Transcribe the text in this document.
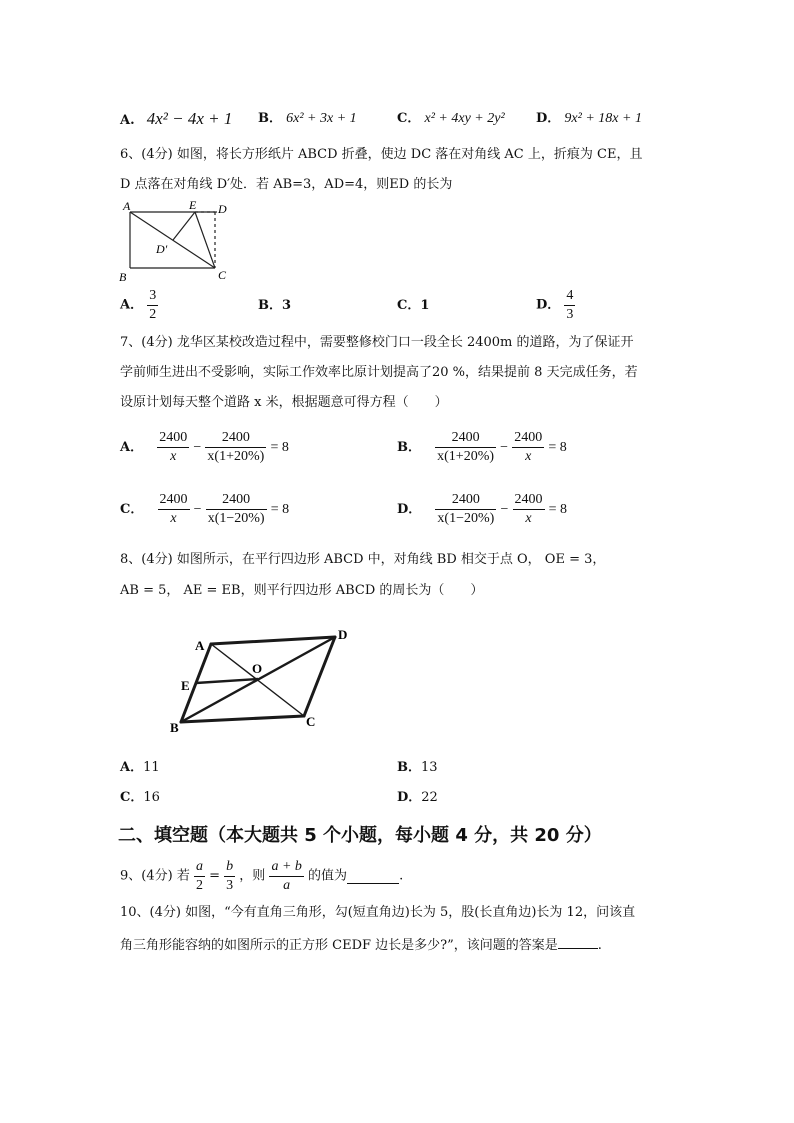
A. 4x² − 4x + 1 B． 6x² + 3x + 1	C． x² + 4xy + 2y² D． 9x² + 18x + 1
6、(4分) 如图，将长方形纸片 ABCD 折叠，使边 DC 落在对角线 AC 上，折痕为 CE，且
D 点落在对角线 D′处．若 AB=3，AD=4，则ED 的长为
A	E D
D′
B	C
A． $\frac{3}{2}$	B．3	C．1	D． $\frac{4}{3}$
7、(4分) 龙华区某校改造过程中，需要整修校门口一段全长 2400m 的道路，为了保证开
学前师生进出不受影响，实际工作效率比原计划提高了20 %，结果提前 8 天完成任务，若
设原计划每天整个道路 x 米，根据题意可得方程（　　）
A． $\frac{2400}{x} - \frac{2400}{x(1+20\%)} = 8$	B． $\frac{2400}{x(1+20\%)} - \frac{2400}{x} = 8$
C． $\frac{2400}{x} - \frac{2400}{x(1-20\%)} = 8$	D． $\frac{2400}{x(1-20\%)} - \frac{2400}{x} = 8$
8、(4分) 如图所示，在平行四边形 ABCD 中，对角线 BD 相交于点 O， OE = 3，
AB = 5， AE = EB，则平行四边形 ABCD 的周长为（　　）
A
D
O
E
B	C
A．11	B．13
C．16	D．22
二、填空题（本大题共 5 个小题，每小题 4 分，共 20 分）
9、(4分) 若 $\frac{a}{2} = \frac{b}{3}$ ，则 $\frac{a + b}{a}$ 的值为	.
10、(4分) 如图，“今有直角三角形，勾(短直角边)长为 5，股(长直角边)长为 12，问该直
角三角形能容纳的如图所示的正方形 CEDF 边长是多少?”，该问题的答案是	.
